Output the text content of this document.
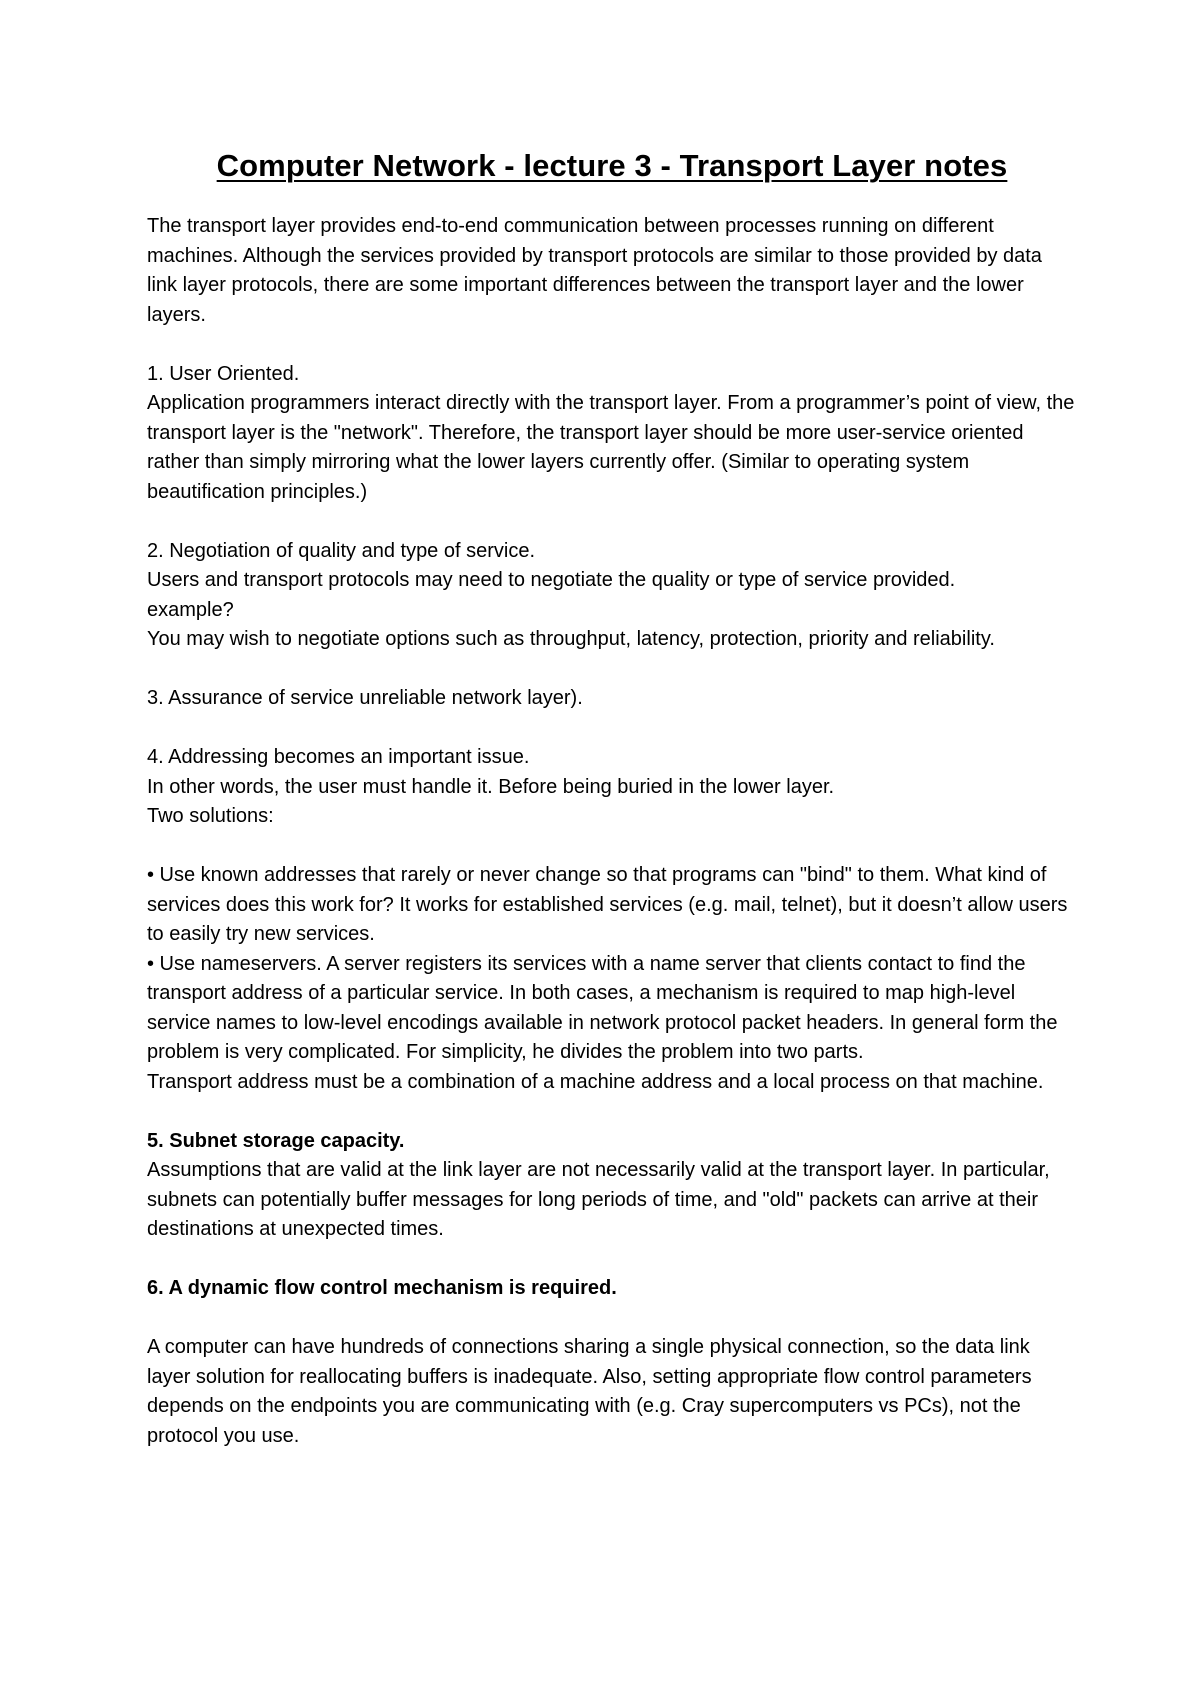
Computer Network - lecture 3 - Transport Layer notes

The transport layer provides end-to-end communication between processes running on different machines. Although the services provided by transport protocols are similar to those provided by data link layer protocols, there are some important differences between the transport layer and the lower layers.

1. User Oriented.

Application programmers interact directly with the transport layer. From a programmer’s point of view, the transport layer is the "network". Therefore, the transport layer should be more user-service oriented rather than simply mirroring what the lower layers currently offer. (Similar to operating system beautification principles.)

2. Negotiation of quality and type of service.

Users and transport protocols may need to negotiate the quality or type of service provided.

example?

You may wish to negotiate options such as throughput, latency, protection, priority and reliability.

3. Assurance of service unreliable network layer).

4. Addressing becomes an important issue.

In other words, the user must handle it. Before being buried in the lower layer.

Two solutions:

• Use known addresses that rarely or never change so that programs can "bind" to them. What kind of services does this work for? It works for established services (e.g. mail, telnet), but it doesn’t allow users to easily try new services.

• Use nameservers. A server registers its services with a name server that clients contact to find the transport address of a particular service. In both cases, a mechanism is required to map high-level service names to low-level encodings available in network protocol packet headers. In general form the problem is very complicated. For simplicity, he divides the problem into two parts.

Transport address must be a combination of a machine address and a local process on that machine.

5. Subnet storage capacity.

Assumptions that are valid at the link layer are not necessarily valid at the transport layer. In particular, subnets can potentially buffer messages for long periods of time, and "old" packets can arrive at their destinations at unexpected times.

6. A dynamic flow control mechanism is required.

A computer can have hundreds of connections sharing a single physical connection, so the data link layer solution for reallocating buffers is inadequate. Also, setting appropriate flow control parameters depends on the endpoints you are communicating with (e.g. Cray supercomputers vs PCs), not the protocol you use.
